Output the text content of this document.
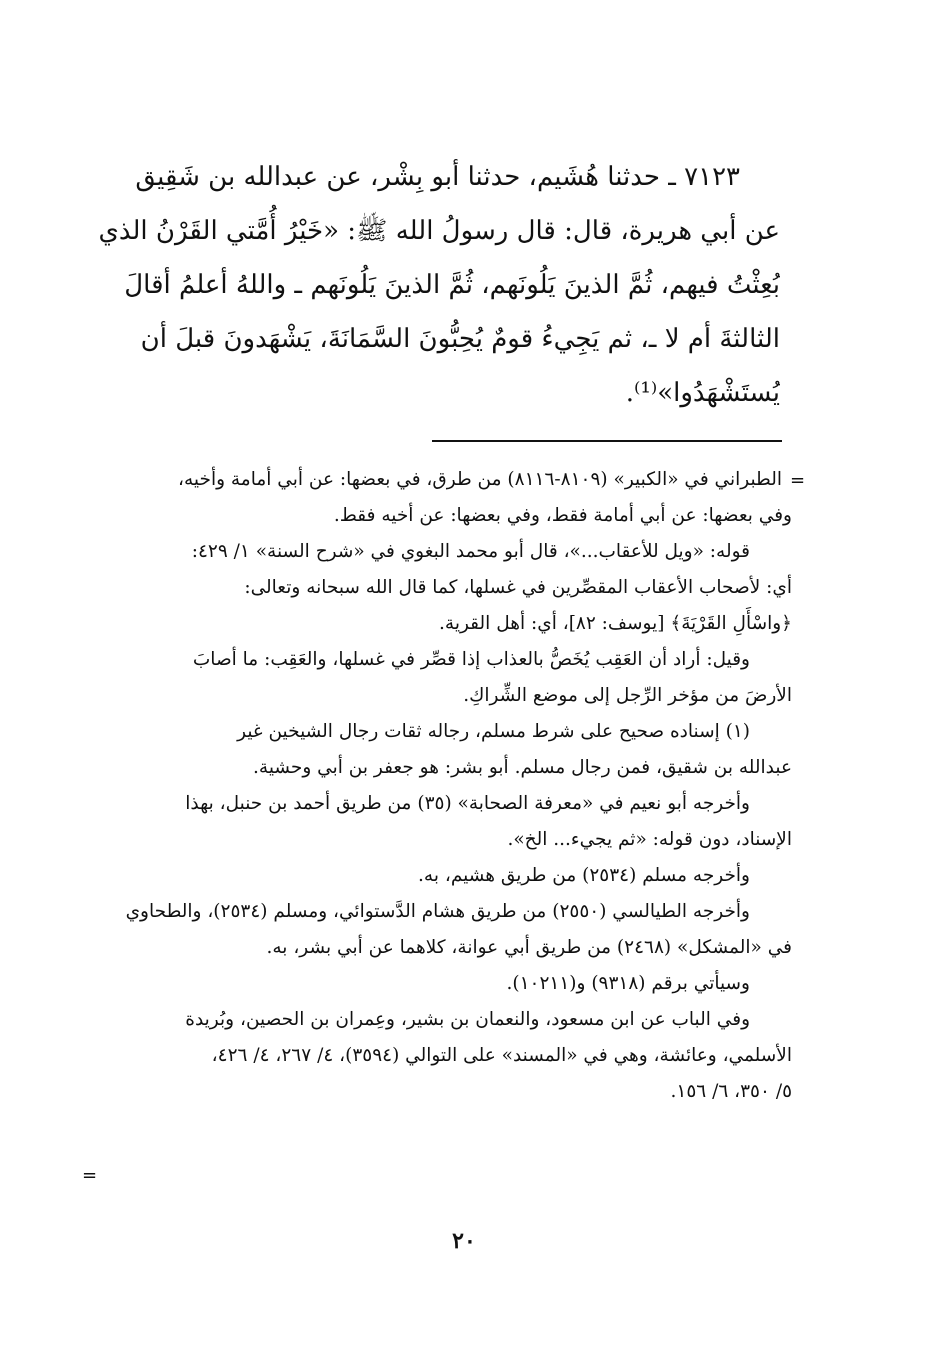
٧١٢٣ ـ حدثنا هُشَيم، حدثنا أبو بِشْر، عن عبدالله بن شَقِيق
عن أبي هريرة، قال: قال رسولُ الله ﷺ: «خَيْرُ أُمَّتي القَرْنُ الذي
بُعِثْتُ فيهم، ثُمَّ الذينَ يَلُونَهم، ثُمَّ الذينَ يَلُونَهم ـ واللهُ أعلمُ أقالَ
الثالثةَ أم لا ـ، ثم يَجِيءُ قومٌ يُحِبُّونَ السَّمَانَةَ، يَشْهَدونَ قبلَ أن
يُستَشْهَدُوا»⁽¹⁾.
=
الطبراني في «الكبير» (٨١٠٩-٨١١٦) من طرق، في بعضها: عن أبي أمامة وأخيه،
وفي بعضها: عن أبي أمامة فقط، وفي بعضها: عن أخيه فقط.
قوله: «ويل للأعقاب...»، قال أبو محمد البغوي في «شرح السنة» ١/ ٤٢٩:
أي: لأصحاب الأعقاب المقصِّرين في غسلها، كما قال الله سبحانه وتعالى:
﴿واسْأَلِ القَرْيَةَ﴾ [يوسف: ٨٢]، أي: أهل القرية.
وقيل: أراد أن العَقِب يُخَصُّ بالعذاب إذا قصِّر في غسلها، والعَقِب: ما أصابَ
الأرضَ من مؤخر الرِّجل إلى موضع الشِّراكِ.
(١) إسناده صحيح على شرط مسلم، رجاله ثقات رجال الشيخين غير
عبدالله بن شقيق، فمن رجال مسلم. أبو بشر: هو جعفر بن أبي وحشية.
وأخرجه أبو نعيم في «معرفة الصحابة» (٣٥) من طريق أحمد بن حنبل، بهذا
الإسناد، دون قوله: «ثم يجيء... الخ».
وأخرجه مسلم (٢٥٣٤) من طريق هشيم، به.
وأخرجه الطيالسي (٢٥٥٠) من طريق هشام الدَّستوائي، ومسلم (٢٥٣٤)، والطحاوي
في «المشكل» (٢٤٦٨) من طريق أبي عوانة، كلاهما عن أبي بشر، به.
وسيأتي برقم (٩٣١٨) و(١٠٢١١).
وفي الباب عن ابن مسعود، والنعمان بن بشير، وعِمران بن الحصين، وبُريدة
الأسلمي، وعائشة، وهي في «المسند» على التوالي (٣٥٩٤)، ٤/ ٢٦٧، ٤/ ٤٢٦،
٥/ ٣٥٠، ٦/ ١٥٦.
=
٢٠
